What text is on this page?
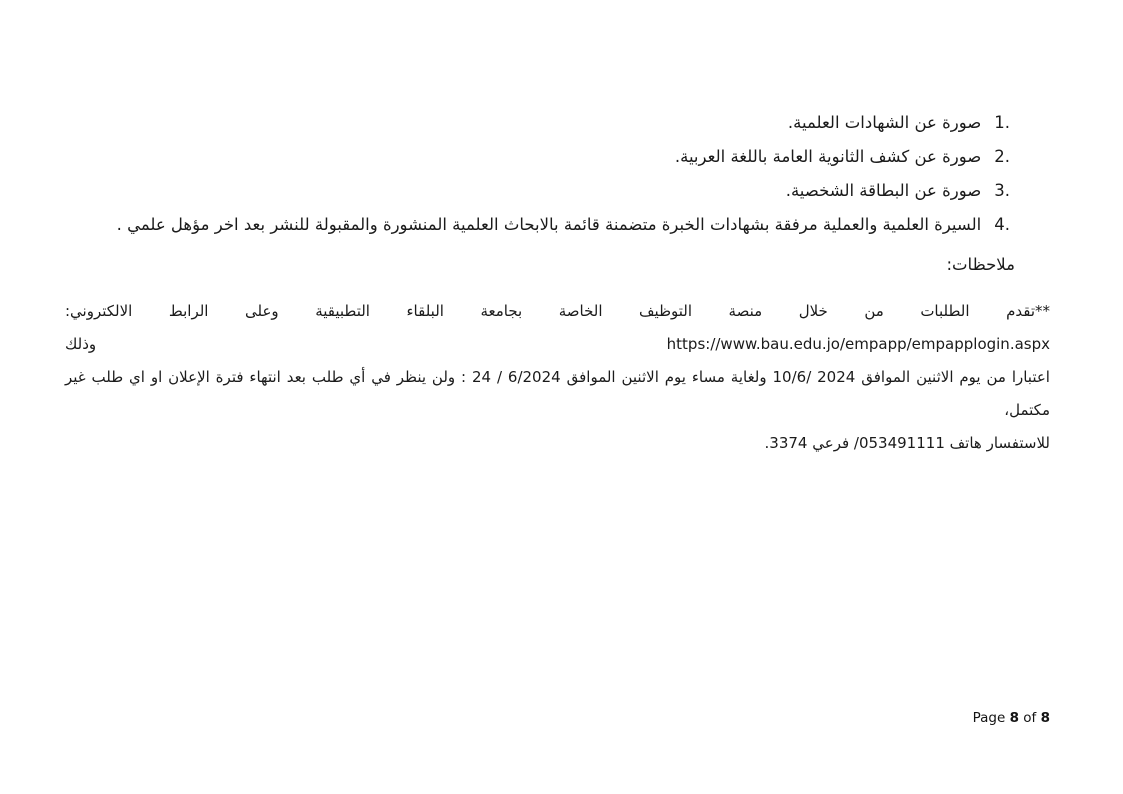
1.صورة عن الشهادات العلمية.
2.صورة عن كشف الثانوية العامة باللغة العربية.
3.صورة عن البطاقة الشخصية.
4.السيرة العلمية والعملية مرفقة بشهادات الخبرة متضمنة قائمة بالابحاث العلمية المنشورة والمقبولة للنشر بعد اخر مؤهل علمي .
ملاحظات:
**تقدم الطلبات من خلال منصة التوظيف الخاصة بجامعة البلقاء التطبيقية وعلى الرابط الالكتروني: https://www.bau.edu.jo/empapp/empapplogin.aspx وذلك
اعتبارا من يوم الاثنين الموافق 10/6/ 2024 ولغاية مساء يوم الاثنين الموافق 24 / 6/2024 : ولن ينظر في أي طلب بعد انتهاء فترة الإعلان او اي طلب غير مكتمل،
للاستفسار هاتف 053491111/ فرعي 3374.
Page 8 of 8
